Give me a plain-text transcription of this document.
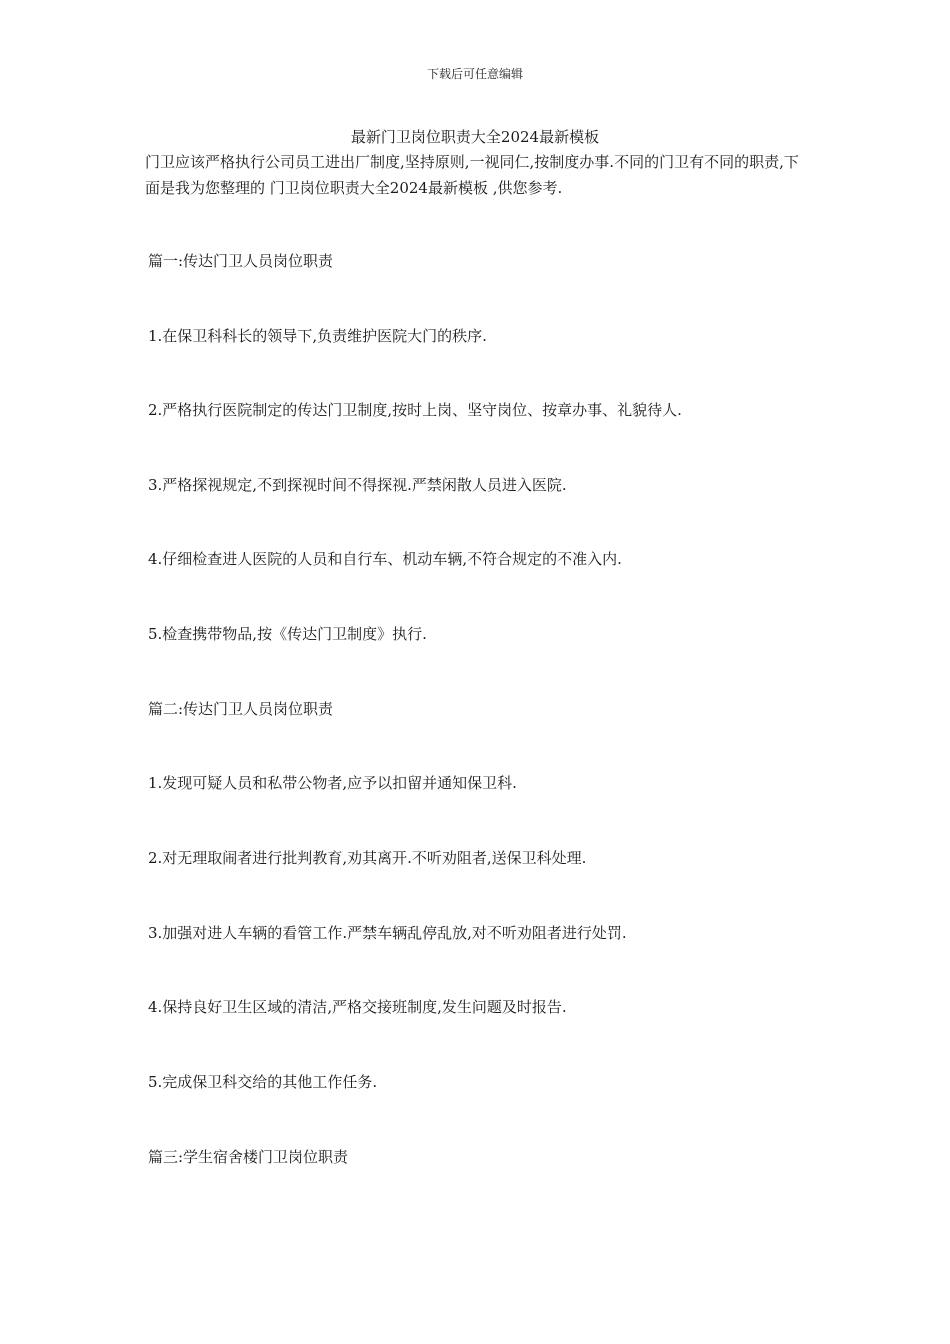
下载后可任意编辑
最新门卫岗位职责大全2024最新模板
门卫应该严格执行公司员工进出厂制度,坚持原则,一视同仁,按制度办事.不同的门卫有不同的职责,下面是我为您整理的 门卫岗位职责大全2024最新模板 ,供您参考.
篇一:传达门卫人员岗位职责
1.在保卫科科长的领导下,负责维护医院大门的秩序.
2.严格执行医院制定的传达门卫制度,按时上岗、坚守岗位、按章办事、礼貌待人.
3.严格探视规定,不到探视时间不得探视.严禁闲散人员进入医院.
4.仔细检查进人医院的人员和自行车、机动车辆,不符合规定的不准入内.
5.检查携带物品,按《传达门卫制度》执行.
篇二:传达门卫人员岗位职责
1.发现可疑人员和私带公物者,应予以扣留并通知保卫科.
2.对无理取闹者进行批判教育,劝其离开.不听劝阻者,送保卫科处理.
3.加强对进人车辆的看管工作.严禁车辆乱停乱放,对不听劝阻者进行处罚.
4.保持良好卫生区域的清洁,严格交接班制度,发生问题及时报告.
5.完成保卫科交给的其他工作任务.
篇三:学生宿舍楼门卫岗位职责
